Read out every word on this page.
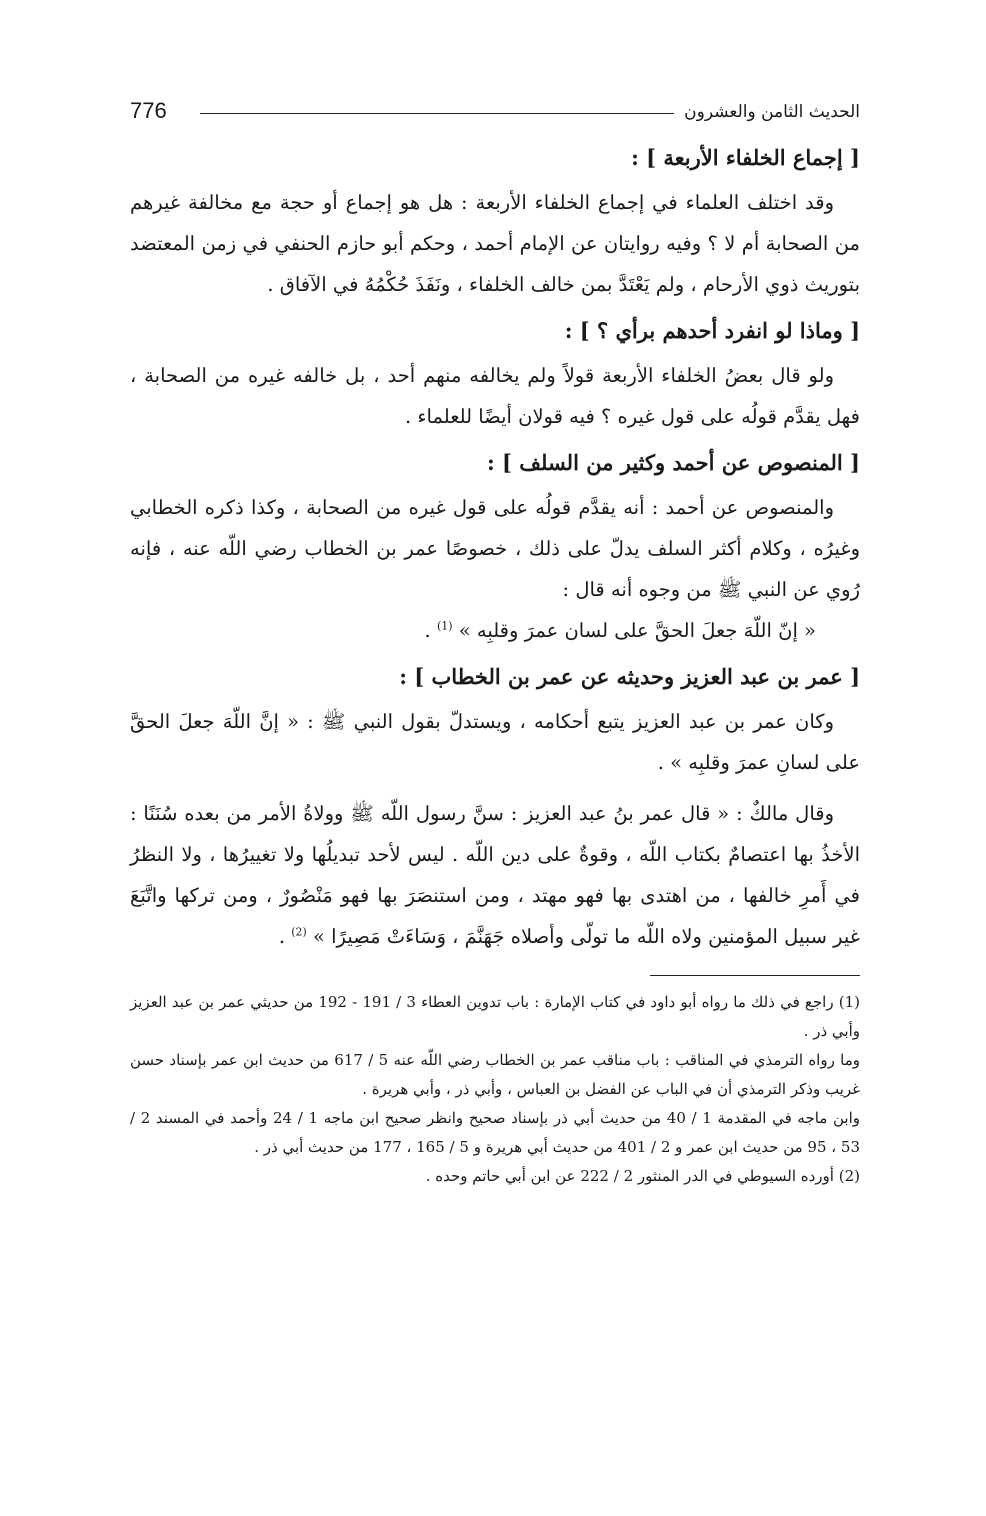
776	الحديث الثامن والعشرون
[ إجماع الخلفاء الأربعة ] :

وقد اختلف العلماء في إجماع الخلفاء الأربعة : هل هو إجماع أو حجة مع مخالفة غيرهم من الصحابة أم لا ؟ وفيه روايتان عن الإمام أحمد ، وحكم أبو حازم الحنفي في زمن المعتضد بتوريث ذوي الأرحام ، ولم يَعْتَدَّ بمن خالف الخلفاء ، ونَفَذَ حُكْمُهُ في الآفاق .

[ وماذا لو انفرد أحدهم برأي ؟ ] :

ولو قال بعضُ الخلفاء الأربعة قولاً ولم يخالفه منهم أحد ، بل خالفه غيره من الصحابة ، فهل يقدَّم قولُه على قول غيره ؟ فيه قولان أيضًا للعلماء .

[ المنصوص عن أحمد وكثير من السلف ] :

والمنصوص عن أحمد : أنه يقدَّم قولُه على قول غيره من الصحابة ، وكذا ذكره الخطابي وغيرُه ، وكلام أكثر السلف يدلّ على ذلك ، خصوصًا عمر بن الخطاب رضي اللّه عنه ، فإنه رُوي عن النبي ﷺ من وجوه أنه قال :

« إنّ اللّهَ جعلَ الحقَّ على لسان عمرَ وقلبِه » $^{(1)}$ .

[ عمر بن عبد العزيز وحديثه عن عمر بن الخطاب ] :

وكان عمر بن عبد العزيز يتبع أحكامه ، ويستدلّ بقول النبي ﷺ : « إنَّ اللّهَ جعلَ الحقَّ على لسانِ عمرَ وقلبِه » .

وقال مالكٌ : « قال عمر بنُ عبد العزيز : سنَّ رسول اللّه ﷺ وولاةُ الأمر من بعده سُنَنًا : الأخذُ بها اعتصامٌ بكتاب اللّه ، وقوةٌ على دين اللّه . ليس لأحد تبديلُها ولا تغييرُها ، ولا النظرُ في أَمرِ خالفها ، من اهتدى بها فهو مهتد ، ومن استنصَرَ بها فهو مَنْصُورٌ ، ومن تركها واتَّبَعَ غير سبيل المؤمنين ولاه اللّه ما تولّى وأصلاه جَهَنَّمَ ، وَسَاءَتْ مَصِيرًا » $^{(2)}$ .

(1) راجع في ذلك ما رواه أبو داود في كتاب الإمارة : باب تدوين العطاء 3 / 191 - 192 من حديثي عمر بن عبد العزيز وأبي ذر .

وما رواه الترمذي في المناقب : باب مناقب عمر بن الخطاب رضي اللّه عنه 5 / 617 من حديث ابن عمر بإسناد حسن غريب وذكر الترمذي أن في الباب عن الفضل بن العباس ، وأبي ذر ، وأبي هريرة .

وابن ماجه في المقدمة 1 / 40 من حديث أبي ذر بإسناد صحيح وانظر صحيح ابن ماجه 1 / 24 وأحمد في المسند 2 / 53 ، 95 من حديث ابن عمر و 2 / 401 من حديث أبي هريرة و 5 / 165 ، 177 من حديث أبي ذر .

(2) أورده السيوطي في الدر المنثور 2 / 222 عن ابن أبي حاتم وحده .
